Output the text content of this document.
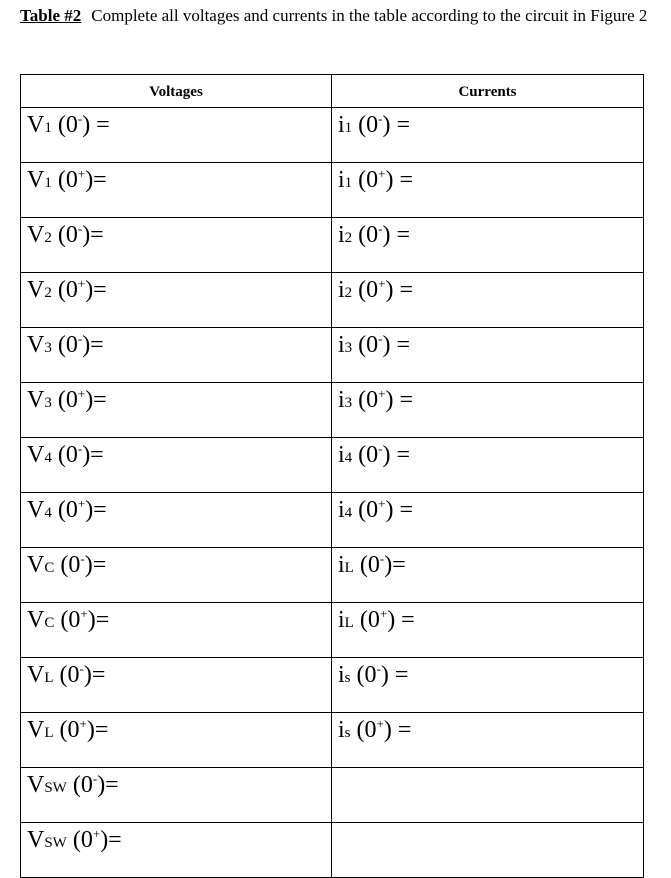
Table #2 Complete all voltages and currents in the table according to the circuit in Figure 2
Voltages	Currents
V1 (0-) =	i1 (0-) =
V1 (0+)=	i1 (0+) =
V2 (0-)=	i2 (0-) =
V2 (0+)=	i2 (0+) =
V3 (0-)=	i3 (0-) =
V3 (0+)=	i3 (0+) =
V4 (0-)=	i4 (0-) =
V4 (0+)=	i4 (0+) =
VC (0-)=	iL (0-)=
VC (0+)=	iL (0+) =
VL (0-)=	is (0-) =
VL (0+)=	is (0+) =
VSW (0-)=	
VSW (0+)=	
